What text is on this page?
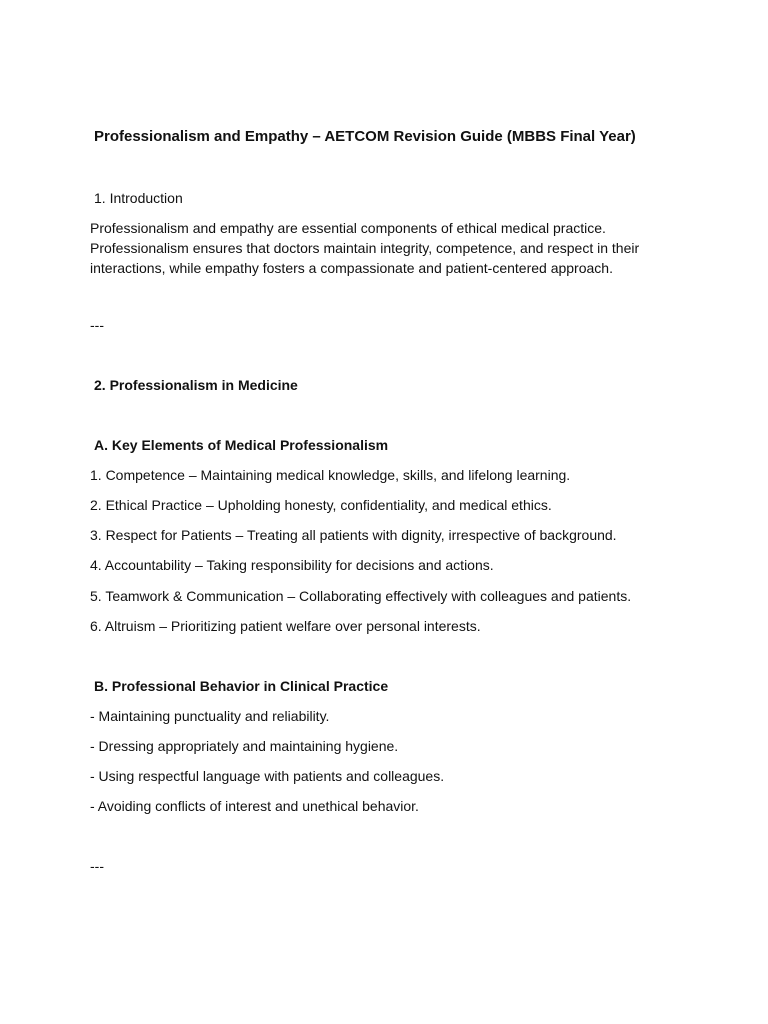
Professionalism and Empathy – AETCOM Revision Guide (MBBS Final Year)
1. Introduction
Professionalism and empathy are essential components of ethical medical practice. Professionalism ensures that doctors maintain integrity, competence, and respect in their interactions, while empathy fosters a compassionate and patient-centered approach.
---
2. Professionalism in Medicine
A. Key Elements of Medical Professionalism
1. Competence – Maintaining medical knowledge, skills, and lifelong learning.
2. Ethical Practice – Upholding honesty, confidentiality, and medical ethics.
3. Respect for Patients – Treating all patients with dignity, irrespective of background.
4. Accountability – Taking responsibility for decisions and actions.
5. Teamwork & Communication – Collaborating effectively with colleagues and patients.
6. Altruism – Prioritizing patient welfare over personal interests.
B. Professional Behavior in Clinical Practice
- Maintaining punctuality and reliability.
- Dressing appropriately and maintaining hygiene.
- Using respectful language with patients and colleagues.
- Avoiding conflicts of interest and unethical behavior.
---
